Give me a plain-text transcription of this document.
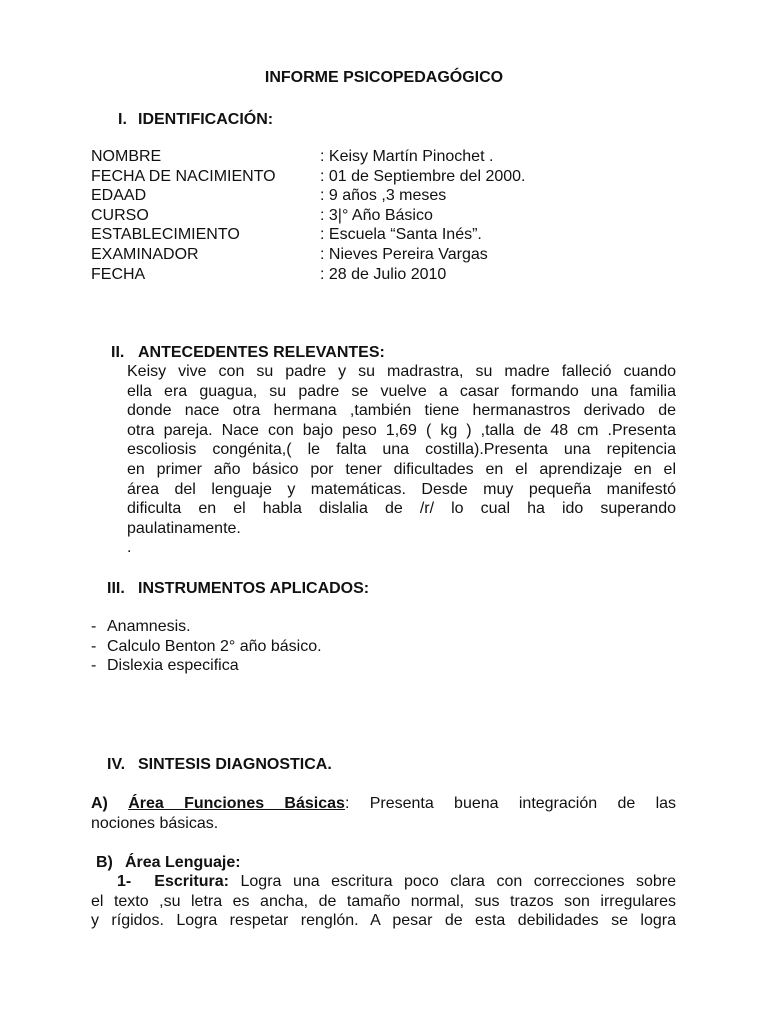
INFORME PSICOPEDAGÓGICO
I. IDENTIFICACIÓN:
NOMBRE	: Keisy Martín Pinochet .
FECHA DE NACIMIENTO	: 01 de Septiembre del 2000.
EDAAD	: 9 años ,3 meses
CURSO	: 3|° Año Básico
ESTABLECIMIENTO	: Escuela “Santa Inés”.
EXAMINADOR	: Nieves Pereira Vargas
FECHA	: 28 de Julio 2010
II. ANTECEDENTES RELEVANTES:
Keisy vive con su padre y su madrastra, su madre falleció cuando
ella era guagua, su padre se vuelve a casar formando una familia
donde nace otra hermana ,también tiene hermanastros derivado de
otra pareja. Nace con bajo peso 1,69 ( kg ) ,talla de 48 cm .Presenta
escoliosis congénita,( le falta una costilla).Presenta una repitencia
en primer año básico por tener dificultades en el aprendizaje en el
área del lenguaje y matemáticas. Desde muy pequeña manifestó
dificulta en el habla dislalia de /r/ lo cual ha ido superando
paulatinamente.
.
III. INSTRUMENTOS APLICADOS:
- Anamnesis.
- Calculo Benton 2° año básico.
- Dislexia especifica
IV. SINTESIS DIAGNOSTICA.
A) Área Funciones Básicas: Presenta buena integración de las
nociones básicas.
B) Área Lenguaje:
1- Escritura: Logra una escritura poco clara con correcciones sobre
el texto ,su letra es ancha, de tamaño normal, sus trazos son irregulares
y rígidos. Logra respetar renglón. A pesar de esta debilidades se logra
